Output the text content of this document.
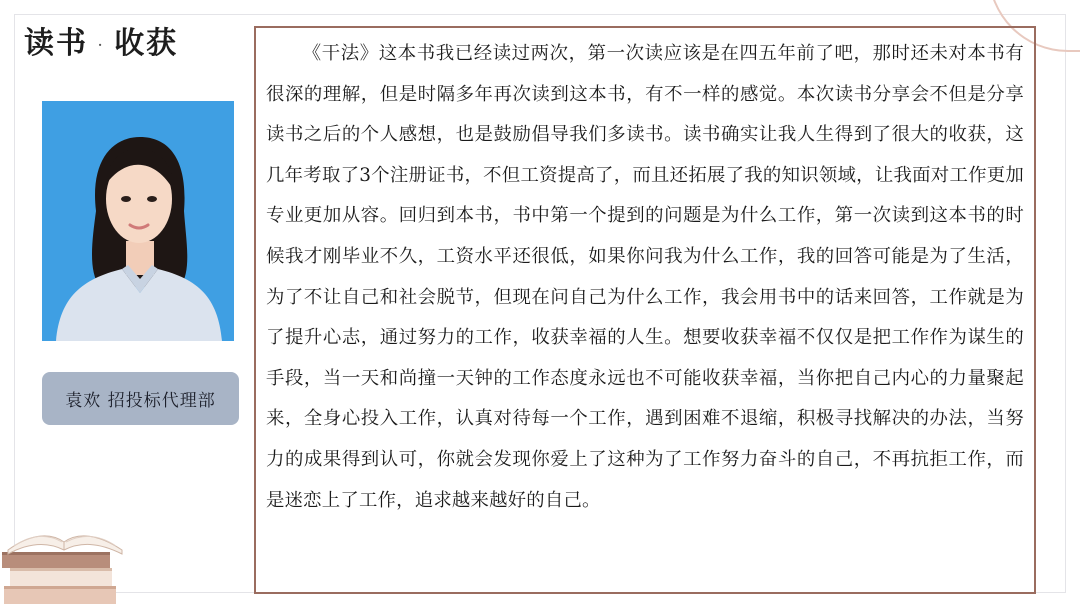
读书 · 收获
袁欢 招投标代理部

《干法》这本书我已经读过两次，第一次读应该是在四五年前了吧，那时还未对本书有很深的理解，但是时隔多年再次读到这本书，有不一样的感觉。本次读书分享会不但是分享读书之后的个人感想，也是鼓励倡导我们多读书。读书确实让我人生得到了很大的收获，这几年考取了3个注册证书，不但工资提高了，而且还拓展了我的知识领域，让我面对工作更加专业更加从容。回归到本书，书中第一个提到的问题是为什么工作，第一次读到这本书的时候我才刚毕业不久，工资水平还很低，如果你问我为什么工作，我的回答可能是为了生活，为了不让自己和社会脱节，但现在问自己为什么工作，我会用书中的话来回答，工作就是为了提升心志，通过努力的工作，收获幸福的人生。想要收获幸福不仅仅是把工作作为谋生的手段，当一天和尚撞一天钟的工作态度永远也不可能收获幸福，当你把自己内心的力量聚起来，全身心投入工作，认真对待每一个工作，遇到困难不退缩，积极寻找解决的办法，当努力的成果得到认可，你就会发现你爱上了这种为了工作努力奋斗的自己，不再抗拒工作，而是迷恋上了工作，追求越来越好的自己。
